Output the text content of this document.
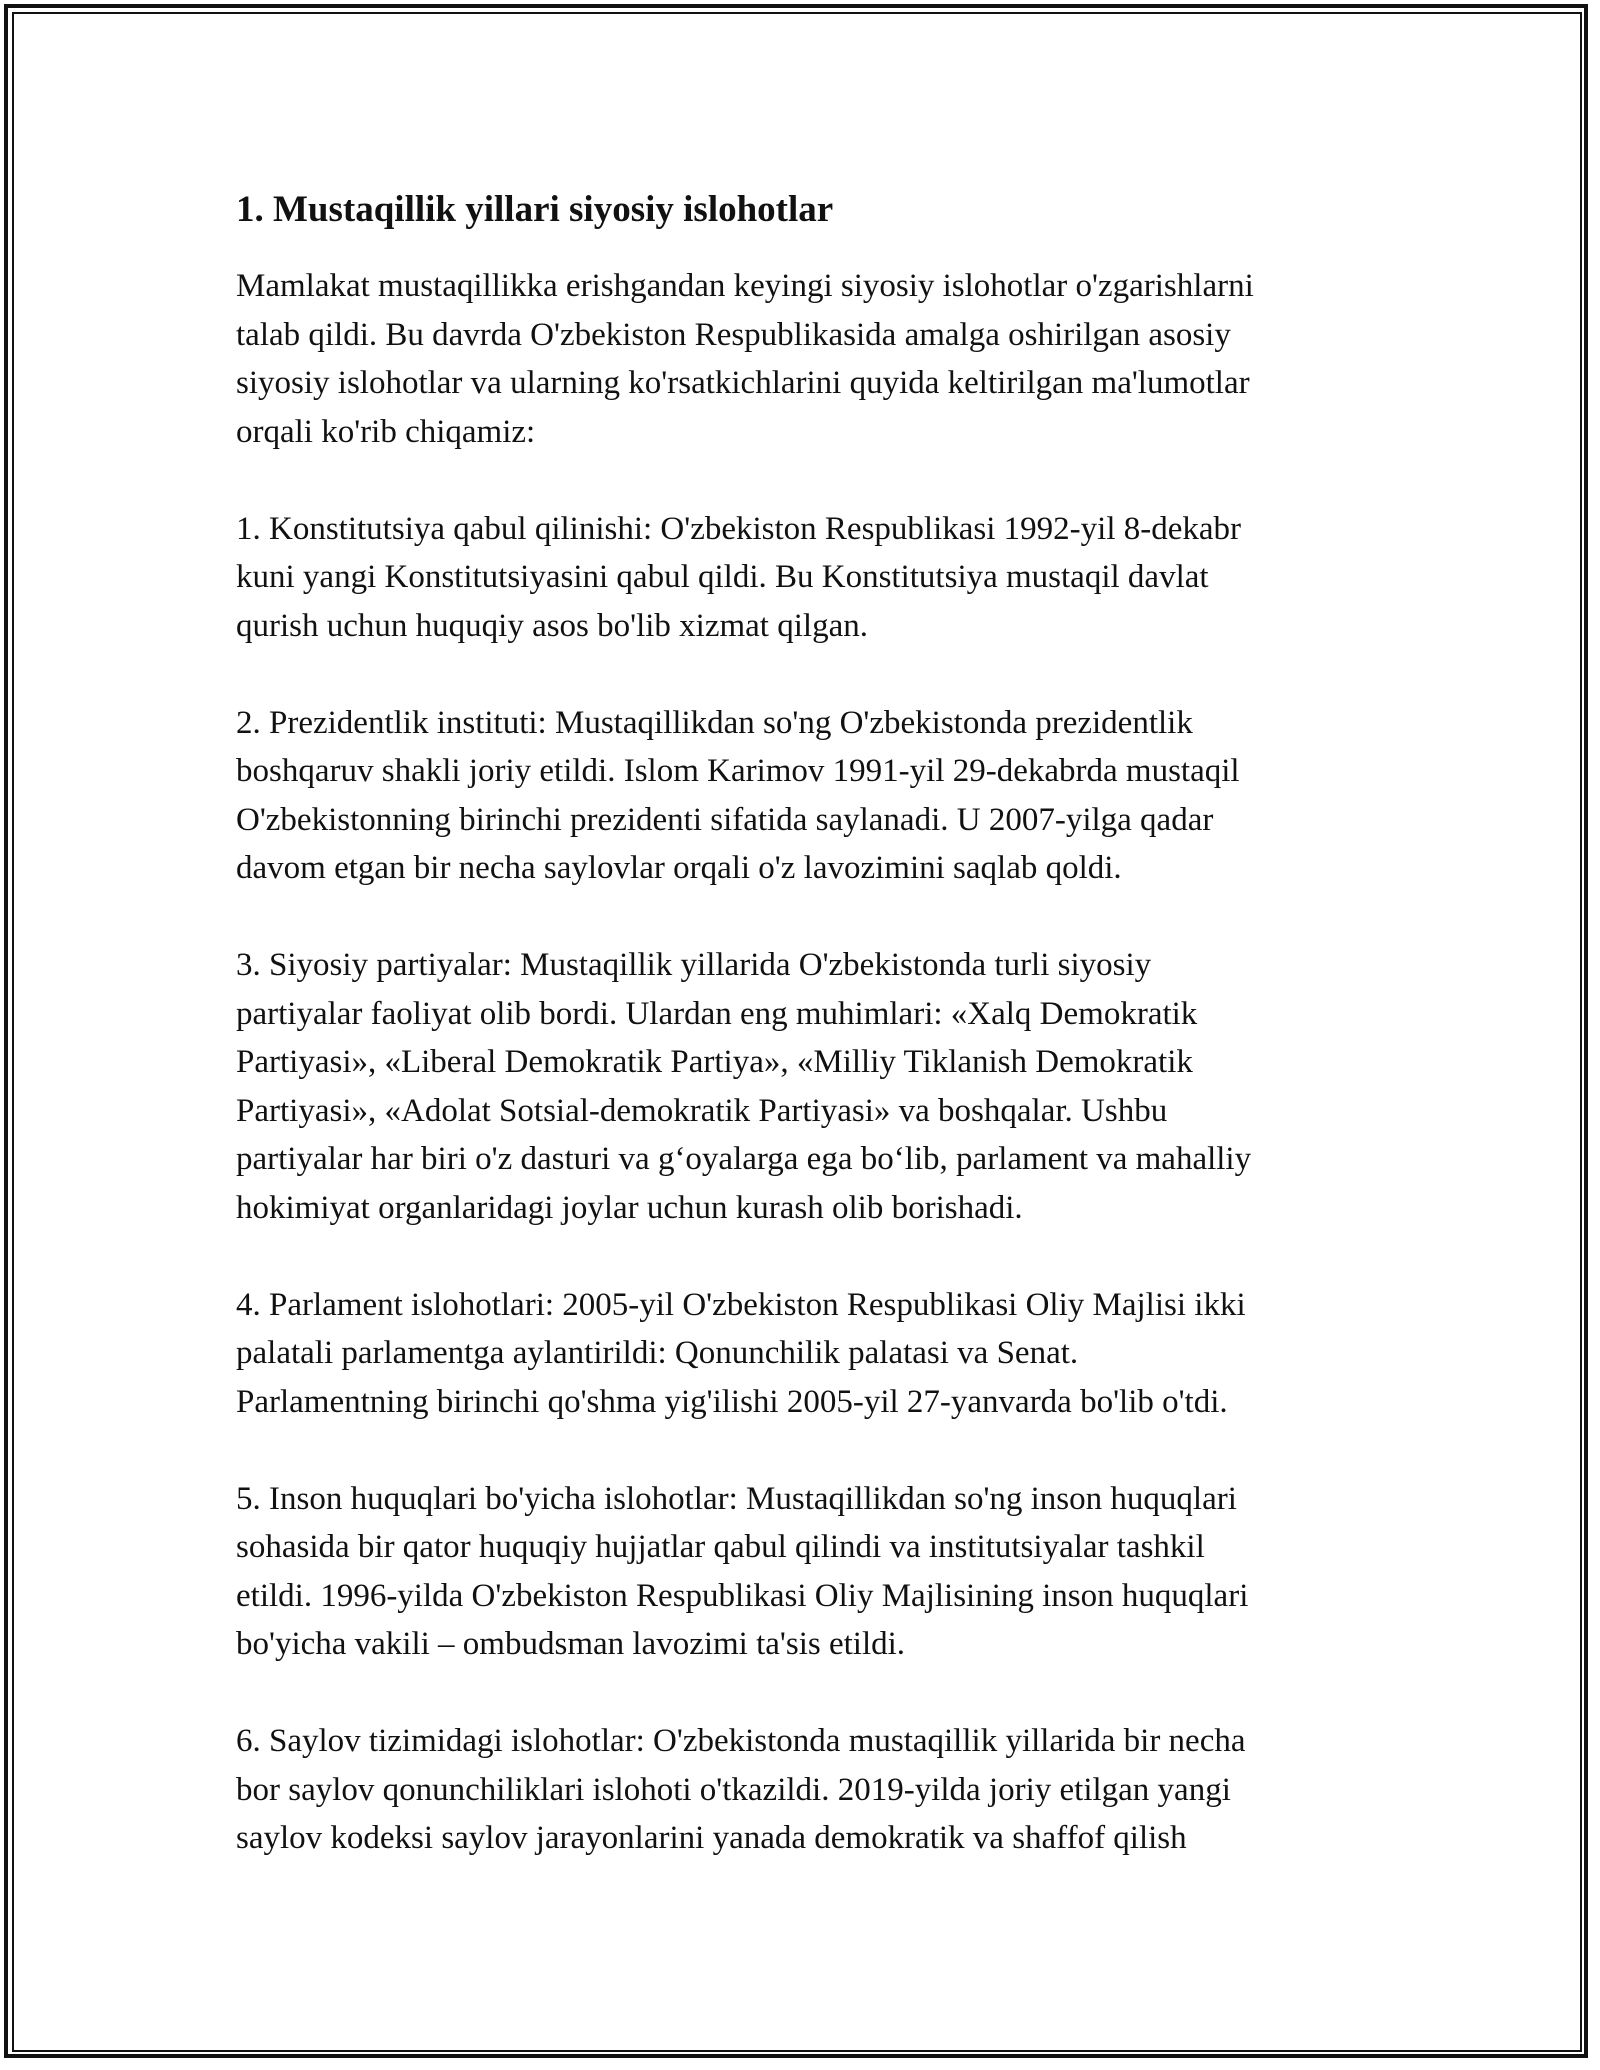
1. Mustaqillik yillari siyosiy islohotlar

Mamlakat mustaqillikka erishgandan keyingi siyosiy islohotlar o'zgarishlarni
talab qildi. Bu davrda O'zbekiston Respublikasida amalga oshirilgan asosiy
siyosiy islohotlar va ularning ko'rsatkichlarini quyida keltirilgan ma'lumotlar
orqali ko'rib chiqamiz:

1. Konstitutsiya qabul qilinishi: O'zbekiston Respublikasi 1992-yil 8-dekabr
kuni yangi Konstitutsiyasini qabul qildi. Bu Konstitutsiya mustaqil davlat
qurish uchun huquqiy asos bo'lib xizmat qilgan.

2. Prezidentlik instituti: Mustaqillikdan so'ng O'zbekistonda prezidentlik
boshqaruv shakli joriy etildi. Islom Karimov 1991-yil 29-dekabrda mustaqil
O'zbekistonning birinchi prezidenti sifatida saylanadi. U 2007-yilga qadar
davom etgan bir necha saylovlar orqali o'z lavozimini saqlab qoldi.

3. Siyosiy partiyalar: Mustaqillik yillarida O'zbekistonda turli siyosiy
partiyalar faoliyat olib bordi. Ulardan eng muhimlari: «Xalq Demokratik
Partiyasi», «Liberal Demokratik Partiya», «Milliy Tiklanish Demokratik
Partiyasi», «Adolat Sotsial-demokratik Partiyasi» va boshqalar. Ushbu
partiyalar har biri o'z dasturi va g‘oyalarga ega bo‘lib, parlament va mahalliy
hokimiyat organlaridagi joylar uchun kurash olib borishadi.

4. Parlament islohotlari: 2005-yil O'zbekiston Respublikasi Oliy Majlisi ikki
palatali parlamentga aylantirildi: Qonunchilik palatasi va Senat.
Parlamentning birinchi qo'shma yig'ilishi 2005-yil 27-yanvarda bo'lib o'tdi.

5. Inson huquqlari bo'yicha islohotlar: Mustaqillikdan so'ng inson huquqlari
sohasida bir qator huquqiy hujjatlar qabul qilindi va institutsiyalar tashkil
etildi. 1996-yilda O'zbekiston Respublikasi Oliy Majlisining inson huquqlari
bo'yicha vakili – ombudsman lavozimi ta'sis etildi.

6. Saylov tizimidagi islohotlar: O'zbekistonda mustaqillik yillarida bir necha
bor saylov qonunchiliklari islohoti o'tkazildi. 2019-yilda joriy etilgan yangi
saylov kodeksi saylov jarayonlarini yanada demokratik va shaffof qilish
